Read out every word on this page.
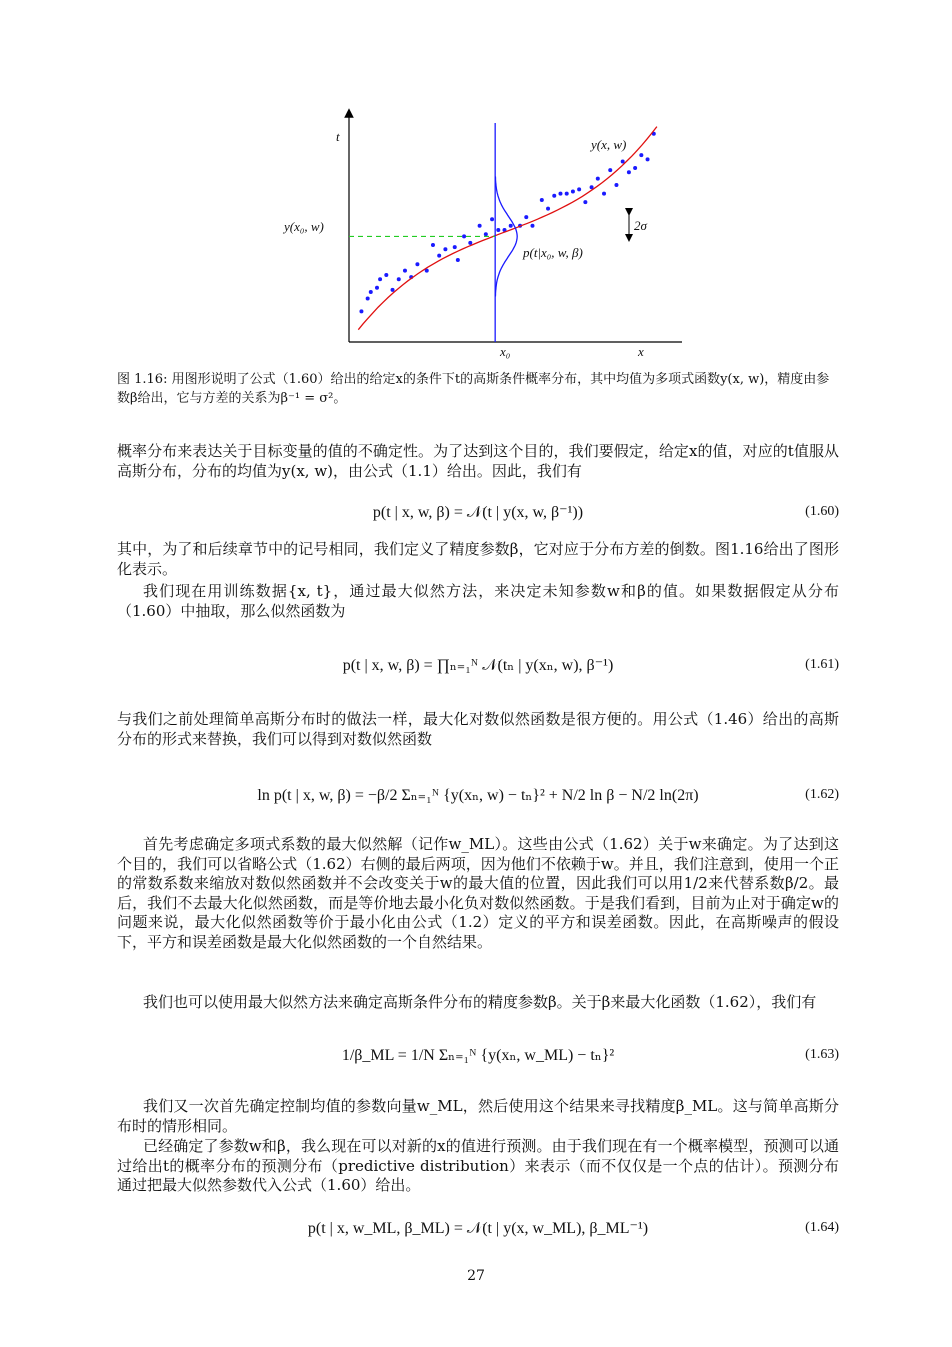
t
x
x₀
y(x₀, w)
y(x, w)
2σ
p(t|x₀, w, β)
图 1.16: 用图形说明了公式（1.60）给出的给定x的条件下t的高斯条件概率分布，其中均值为多项式函数y(x, w)，精度由参数β给出，它与方差的关系为β⁻¹ = σ²。
概率分布来表达关于目标变量的值的不确定性。为了达到这个目的，我们要假定，给定x的值，对应的t值服从高斯分布，分布的均值为y(x, w)，由公式（1.1）给出。因此，我们有
p(t | x, w, β) = 𝒩(t | y(x, w, β⁻¹))	(1.60)
其中，为了和后续章节中的记号相同，我们定义了精度参数β，它对应于分布方差的倒数。图1.16给出了图形化表示。
我们现在用训练数据{x, t}，通过最大似然方法，来决定未知参数w和β的值。如果数据假定从分布（1.60）中抽取，那么似然函数为
p(t | x, w, β) = ∏ₙ₌₁ᴺ 𝒩(tₙ | y(xₙ, w), β⁻¹)	(1.61)
与我们之前处理简单高斯分布时的做法一样，最大化对数似然函数是很方便的。用公式（1.46）给出的高斯分布的形式来替换，我们可以得到对数似然函数
ln p(t | x, w, β) = −β/2 Σₙ₌₁ᴺ {y(xₙ, w) − tₙ}² + N/2 ln β − N/2 ln(2π)	(1.62)
首先考虑确定多项式系数的最大似然解（记作w_ML）。这些由公式（1.62）关于w来确定。为了达到这个目的，我们可以省略公式（1.62）右侧的最后两项，因为他们不依赖于w。并且，我们注意到，使用一个正的常数系数来缩放对数似然函数并不会改变关于w的最大值的位置，因此我们可以用1/2来代替系数β/2。最后，我们不去最大化似然函数，而是等价地去最小化负对数似然函数。于是我们看到，目前为止对于确定w的问题来说，最大化似然函数等价于最小化由公式（1.2）定义的平方和误差函数。因此，在高斯噪声的假设下，平方和误差函数是最大化似然函数的一个自然结果。
我们也可以使用最大似然方法来确定高斯条件分布的精度参数β。关于β来最大化函数（1.62），我们有
1/β_ML = 1/N Σₙ₌₁ᴺ {y(xₙ, w_ML) − tₙ}²	(1.63)
我们又一次首先确定控制均值的参数向量w_ML，然后使用这个结果来寻找精度β_ML。这与简单高斯分布时的情形相同。
已经确定了参数w和β，我么现在可以对新的x的值进行预测。由于我们现在有一个概率模型，预测可以通过给出t的概率分布的预测分布（predictive distribution）来表示（而不仅仅是一个点的估计）。预测分布通过把最大似然参数代入公式（1.60）给出。
p(t | x, w_ML, β_ML) = 𝒩(t | y(x, w_ML), β_ML⁻¹)	(1.64)
27
